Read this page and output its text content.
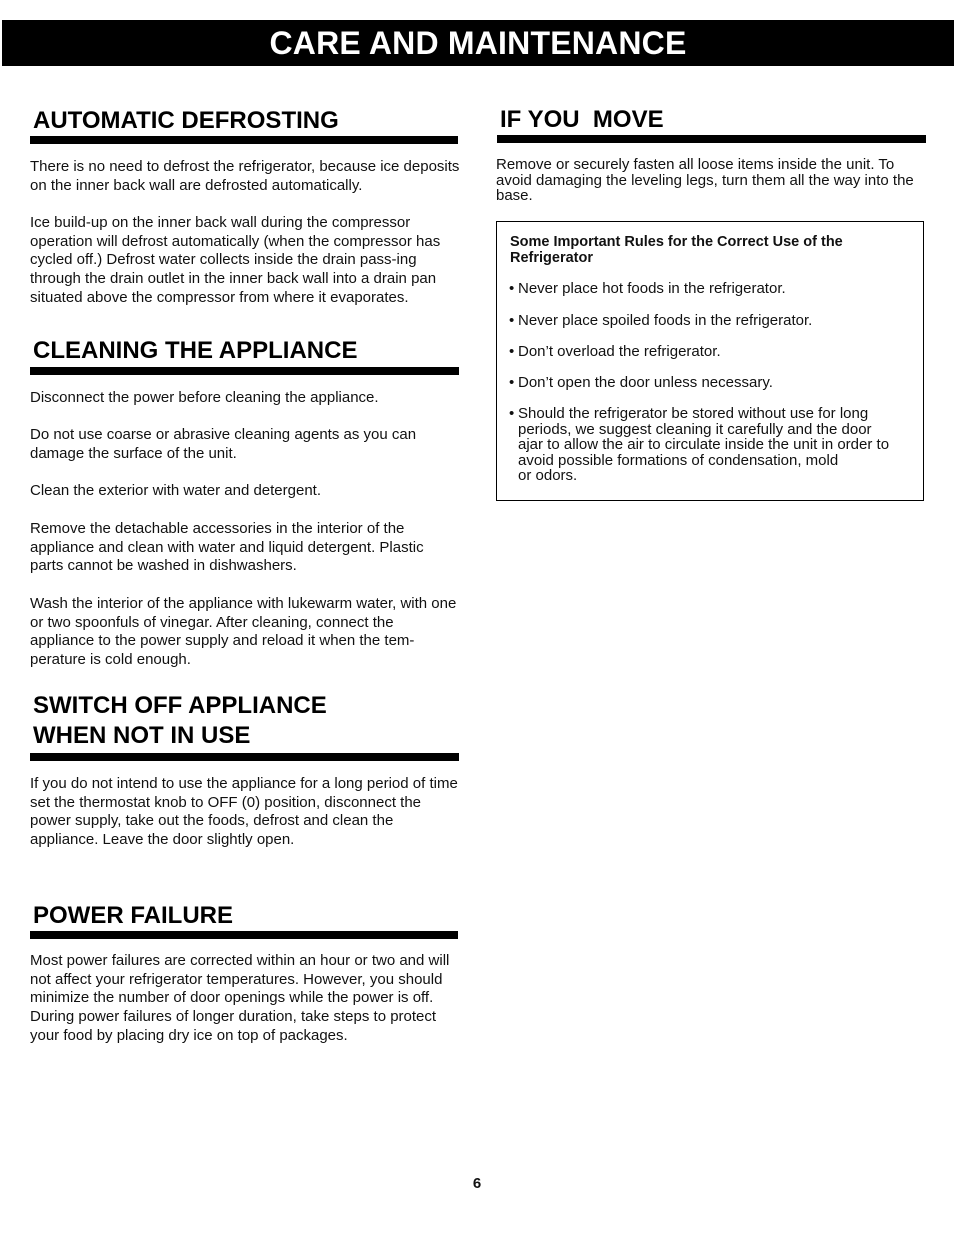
CARE AND MAINTENANCE
AUTOMATIC DEFROSTING

There is no need to defrost the refrigerator, because ice deposits on the inner back wall are defrosted automatically.

Ice build-up on the inner back wall during the compressor operation will defrost automatically (when the compressor has cycled off.) Defrost water collects inside the drain pass-ing through the drain outlet in the inner back wall into a drain pan situated above the compressor from where it evaporates.

CLEANING THE APPLIANCE

Disconnect the power before cleaning the appliance.

Do not use coarse or abrasive cleaning agents as you can damage the surface of the unit.

Clean the exterior with water and detergent.

Remove the detachable accessories in the interior of the appliance and clean with water and liquid detergent. Plastic parts cannot be washed in dishwashers.

Wash the interior of the appliance with lukewarm water, with one or two spoonfuls of vinegar. After cleaning, connect the appliance to the power supply and reload it when the tem-perature is cold enough.

SWITCH OFF APPLIANCE
WHEN NOT IN USE

If you do not intend to use the appliance for a long period of time set the thermostat knob to OFF (0) position, disconnect the power supply, take out the foods, defrost and clean the appliance. Leave the door slightly open.

POWER FAILURE

Most power failures are corrected within an hour or two and will not affect your refrigerator temperatures. However, you should minimize the number of door openings while the power is off. During power failures of longer duration, take steps to protect your food by placing dry ice on top of packages.

IF YOU  MOVE

Remove or securely fasten all loose items inside the unit. To avoid damaging the leveling legs, turn them all the way into the base.

Some Important Rules for the Correct Use of the Refrigerator

• Never place hot foods in the refrigerator.

• Never place spoiled foods in the refrigerator.

• Don’t overload the refrigerator.

• Don’t open the door unless necessary.

• Should the refrigerator be stored without use for long
periods, we suggest cleaning it carefully and the door
ajar to allow the air to circulate inside the unit in order to
avoid possible formations of condensation, mold
or odors.

6
